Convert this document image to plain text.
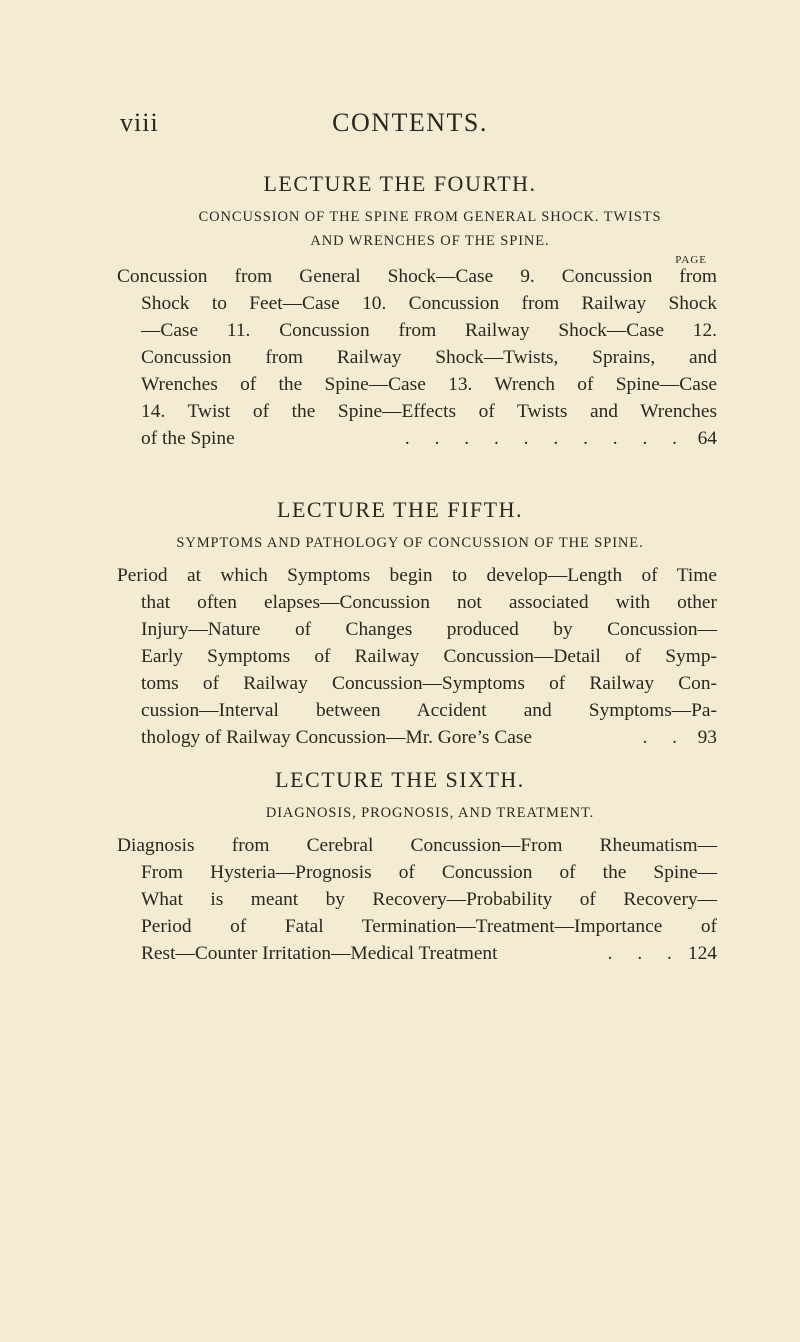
viii	CONTENTS.
LECTURE THE FOURTH.
CONCUSSION OF THE SPINE FROM GENERAL SHOCK. TWISTS
AND WRENCHES OF THE SPINE.
PAGE
Concussion from General Shock—Case 9. Concussion from
Shock to Feet—Case 10. Concussion from Railway Shock
—Case 11. Concussion from Railway Shock—Case 12.
Concussion from Railway Shock—Twists, Sprains, and
Wrenches of the Spine—Case 13. Wrench of Spine—Case
14. Twist of the Spine—Effects of Twists and Wrenches
of the Spine	. . . . . . . . . . 64
LECTURE THE FIFTH.
SYMPTOMS AND PATHOLOGY OF CONCUSSION OF THE SPINE.
Period at which Symptoms begin to develop—Length of Time
that often elapses—Concussion not associated with other
Injury—Nature of Changes produced by Concussion—
Early Symptoms of Railway Concussion—Detail of Symp-
toms of Railway Concussion—Symptoms of Railway Con-
cussion—Interval between Accident and Symptoms—Pa-
thology of Railway Concussion—Mr. Gore’s Case	. . 93
LECTURE THE SIXTH.
DIAGNOSIS, PROGNOSIS, AND TREATMENT.
Diagnosis from Cerebral Concussion—From Rheumatism—
From Hysteria—Prognosis of Concussion of the Spine—
What is meant by Recovery—Probability of Recovery—
Period of Fatal Termination—Treatment—Importance of
Rest—Counter Irritation—Medical Treatment	. . . 124
